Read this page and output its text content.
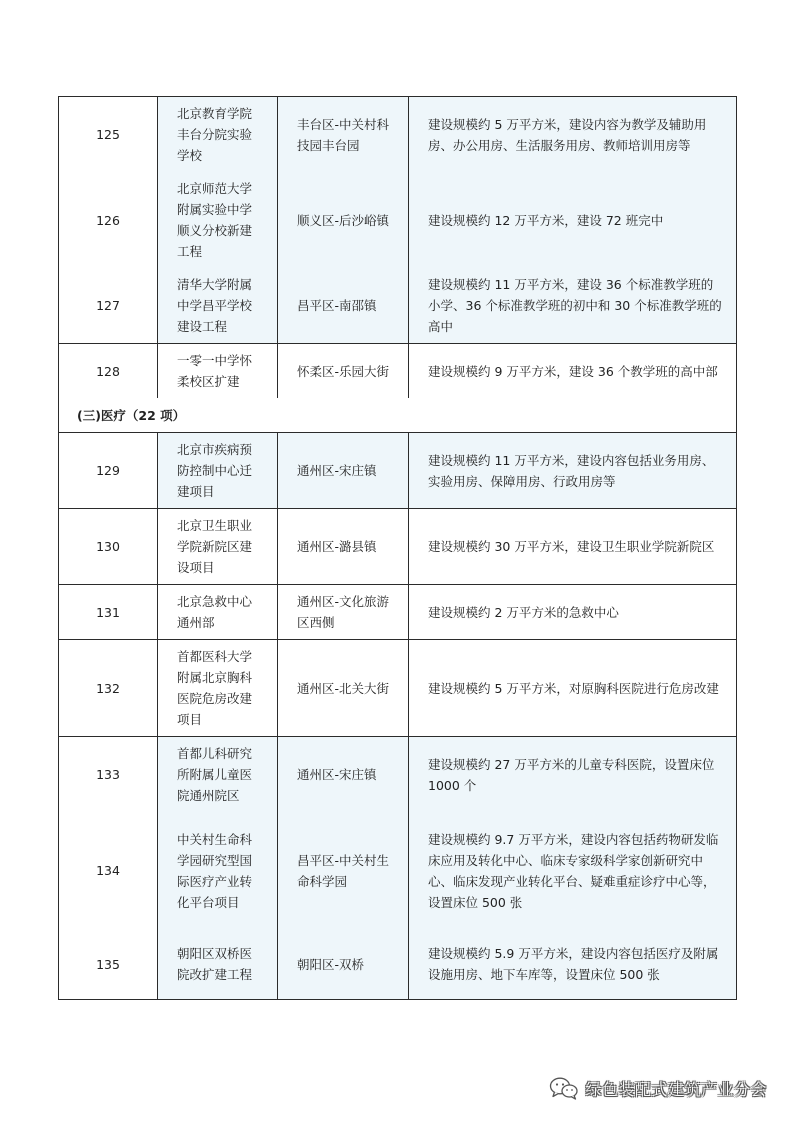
125	北京教育学院丰台分院实验学校	丰台区-中关村科技园丰台园	建设规模约 5 万平方米，建设内容为教学及辅助用房、办公用房、生活服务用房、教师培训用房等
126	北京师范大学附属实验中学顺义分校新建工程	顺义区-后沙峪镇	建设规模约 12 万平方米，建设 72 班完中
127	清华大学附属中学昌平学校建设工程	昌平区-南邵镇	建设规模约 11 万平方米，建设 36 个标准教学班的小学、36 个标准教学班的初中和 30 个标准教学班的高中
128	一零一中学怀柔校区扩建	怀柔区-乐园大街	建设规模约 9 万平方米，建设 36 个教学班的高中部
(三)医疗（22 项）			
129	北京市疾病预防控制中心迁建项目	通州区-宋庄镇	建设规模约 11 万平方米，建设内容包括业务用房、实验用房、保障用房、行政用房等
130	北京卫生职业学院新院区建设项目	通州区-潞县镇	建设规模约 30 万平方米，建设卫生职业学院新院区
131	北京急救中心通州部	通州区-文化旅游区西侧	建设规模约 2 万平方米的急救中心
132	首都医科大学附属北京胸科医院危房改建项目	通州区-北关大街	建设规模约 5 万平方米，对原胸科医院进行危房改建
133	首都儿科研究所附属儿童医院通州院区	通州区-宋庄镇	建设规模约 27 万平方米的儿童专科医院，设置床位 1000 个
134	中关村生命科学园研究型国际医疗产业转化平台项目	昌平区-中关村生命科学园	建设规模约 9.7 万平方米，建设内容包括药物研发临床应用及转化中心、临床专家级科学家创新研究中心、临床发现产业转化平台、疑难重症诊疗中心等，设置床位 500 张
135	朝阳区双桥医院改扩建工程	朝阳区-双桥	建设规模约 5.9 万平方米，建设内容包括医疗及附属设施用房、地下车库等，设置床位 500 张
绿色装配式建筑产业分会
